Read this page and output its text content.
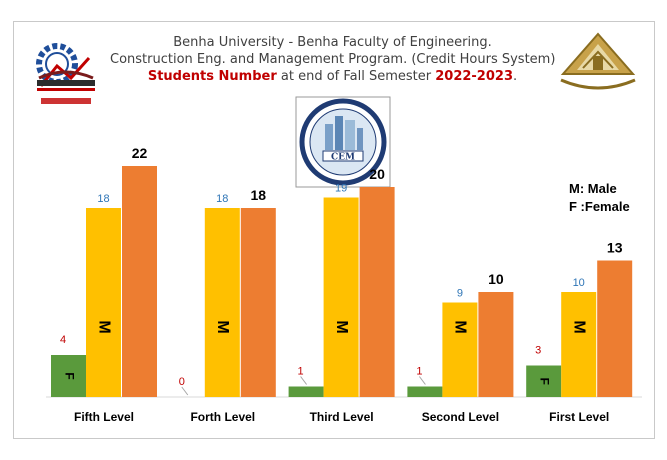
CEM
Benha University - Benha Faculty of Engineering.
Construction Eng. and Management Program. (Credit Hours System)
Students Number at end of Fall Semester 2022-2023.
4
F
18
M
22
Fifth Level
0
18
M
18
Forth Level
1
19
M
20
Third Level
1
9
M
10
Second Level
3
F
10
M
13
First Level
M: Male
F :Female
